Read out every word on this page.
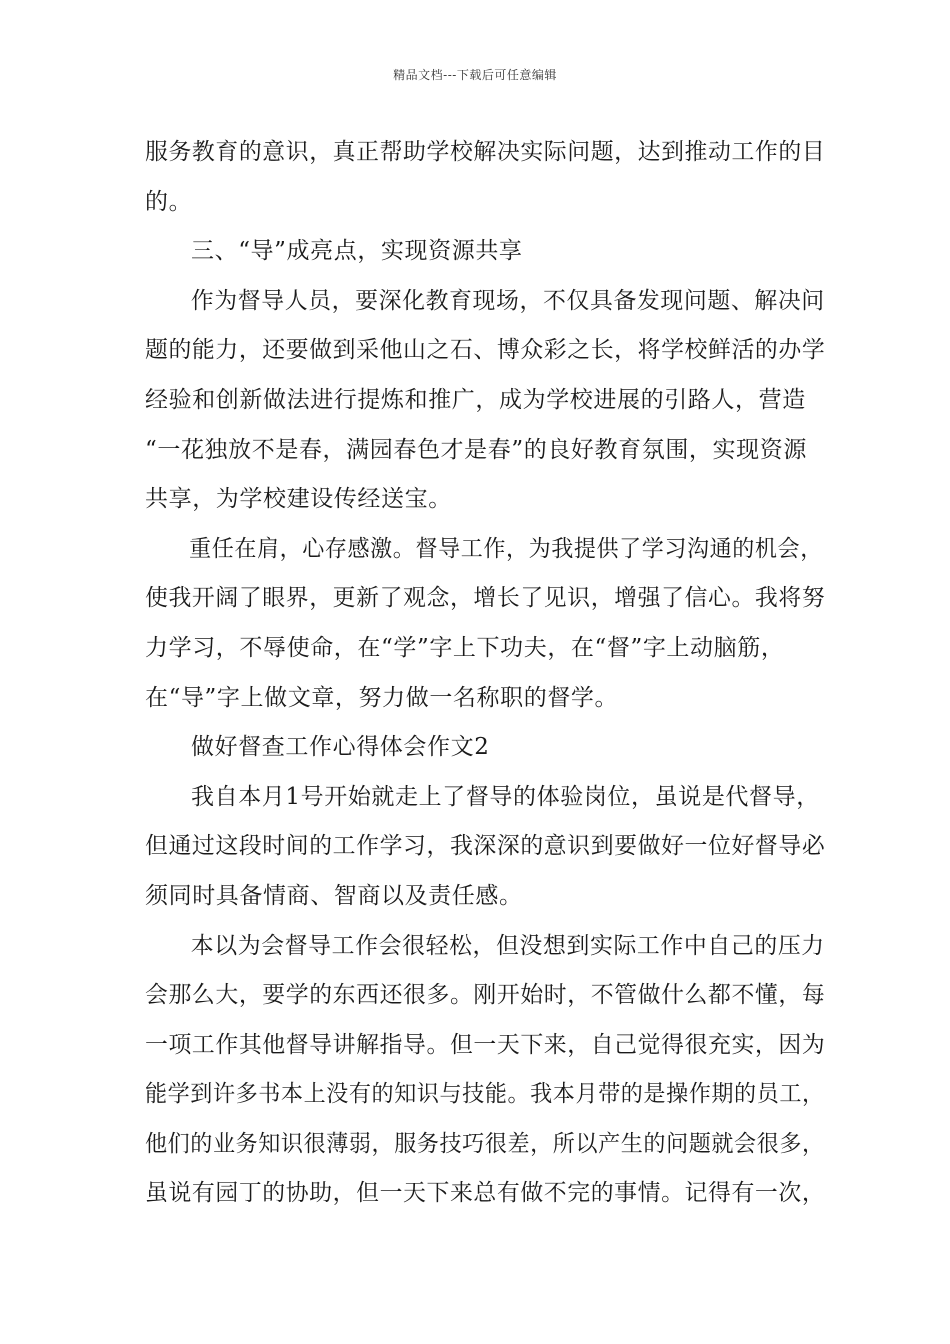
精品文档---下载后可任意编辑
服务教育的意识，真正帮助学校解决实际问题，达到推动工作的目
的。
三、“导”成亮点，实现资源共享
作为督导人员，要深化教育现场，不仅具备发现问题、解决问
题的能力，还要做到采他山之石、博众彩之长，将学校鲜活的办学
经验和创新做法进行提炼和推广，成为学校进展的引路人，营造
“一花独放不是春，满园春色才是春”的良好教育氛围，实现资源
共享，为学校建设传经送宝。
重任在肩，心存感激。督导工作，为我提供了学习沟通的机会，
使我开阔了眼界，更新了观念，增长了见识，增强了信心。我将努
力学习，不辱使命，在“学”字上下功夫，在“督”字上动脑筋，
在“导”字上做文章，努力做一名称职的督学。
做好督查工作心得体会作文2
我自本月1号开始就走上了督导的体验岗位，虽说是代督导，
但通过这段时间的工作学习，我深深的意识到要做好一位好督导必
须同时具备情商、智商以及责任感。
本以为会督导工作会很轻松，但没想到实际工作中自己的压力
会那么大，要学的东西还很多。刚开始时，不管做什么都不懂，每
一项工作其他督导讲解指导。但一天下来，自己觉得很充实，因为
能学到许多书本上没有的知识与技能。我本月带的是操作期的员工，
他们的业务知识很薄弱，服务技巧很差，所以产生的问题就会很多，
虽说有园丁的协助，但一天下来总有做不完的事情。记得有一次，
